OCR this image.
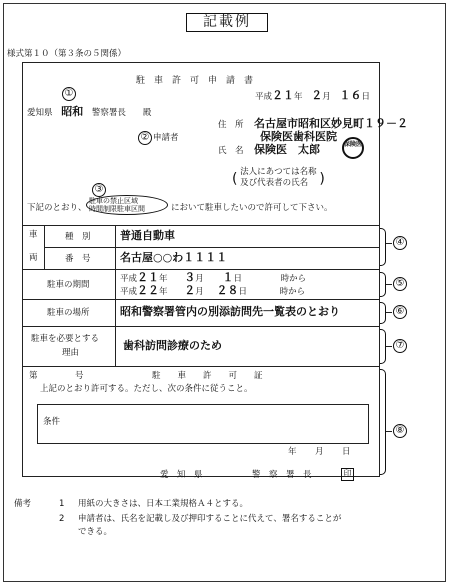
記載例
様式第１０（第３条の５関係）
駐　車　許　可　申　請　書
平成２１年 ２月 １６日
①
愛知県 昭和 警察署長　　殿
住　所 名古屋市昭和区妙見町１９－２
② 申請者	保険医歯科医院
氏　名 保険医　太郎	保険医
( 法人にあつては名称
及び代表者の氏名 )
③
下記のとおり、
駐車の禁止区域
時間制限駐車区間	において駐車したいので許可して下さい。
車
両
種　別	普通自動車
番　号	名古屋○○わ１１１１
駐車の期間
平成２１年 ３月 １日	時から
平成２２年 ２月 ２８日	時から
駐車の場所	昭和警察署管内の別添訪問先一覧表のとおり
駐車を必要とする
理由
歯科訪問診療のため
第	号	駐　　車　　許　　可　　証
上記のとおり許可する。ただし、次の条件に従うこと。
条件
年 月 日
愛　知　県	警　察　署　長	印
④
⑤
⑥
⑦
⑧
備考	1 用紙の大きさは、日本工業規格Ａ４とする。
2 申請者は、氏名を記載し及び押印することに代えて、署名することが
できる。
